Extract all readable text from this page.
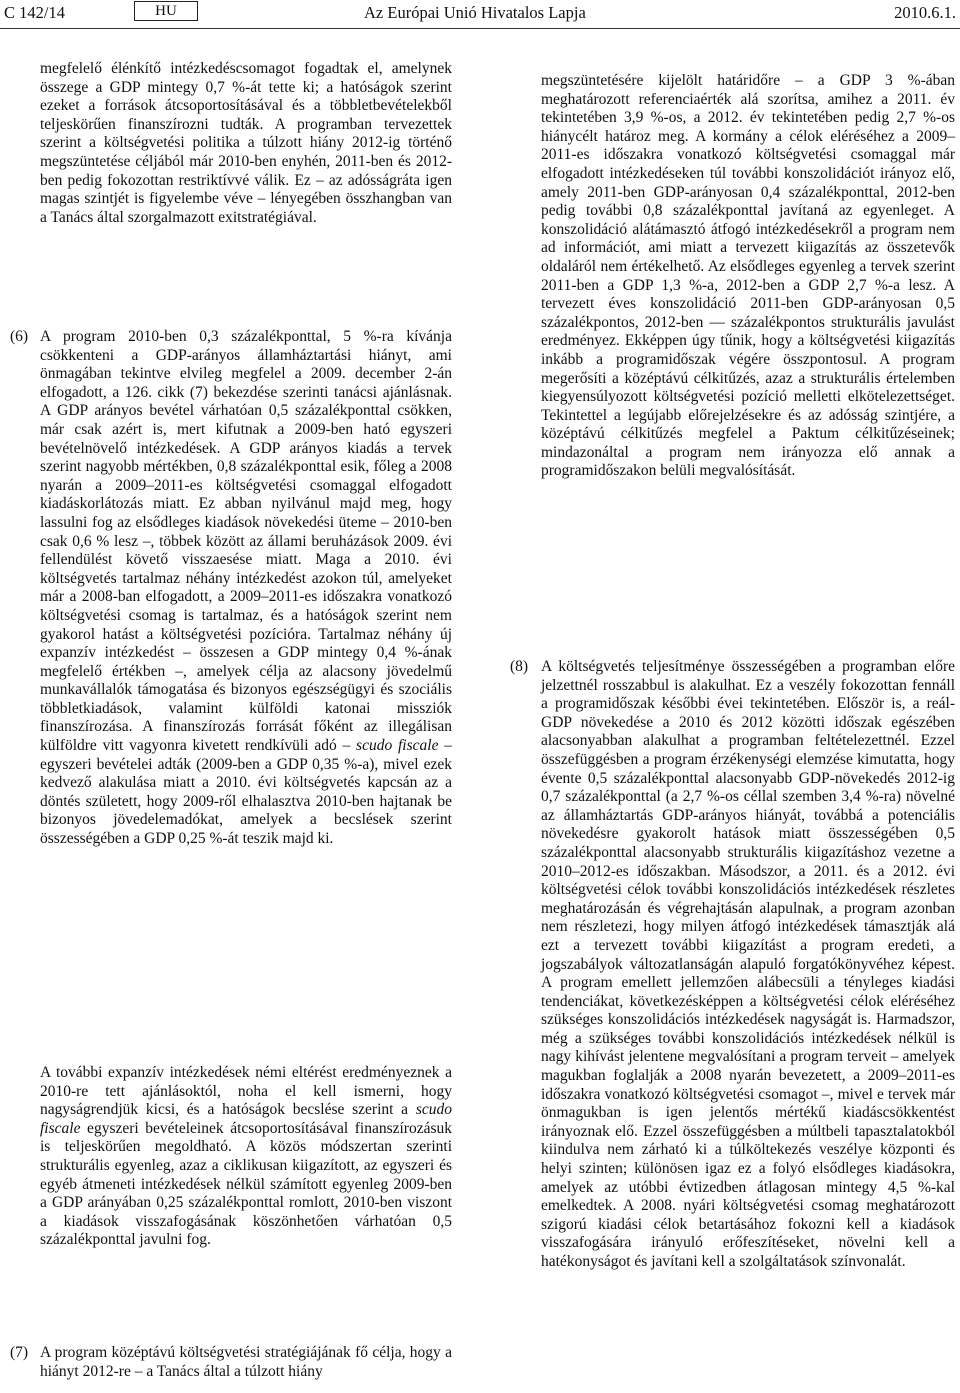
C 142/14	HU	Az Európai Unió Hivatalos Lapja	2010.6.1.

megfelelő élénkítő intézkedéscsomagot fogadtak el, amelynek összege a GDP mintegy 0,7 %-át tette ki; a hatóságok szerint ezeket a források átcsoportosításával és a többletbevételekből teljeskörűen finanszírozni tudták. A programban tervezettek szerint a költségvetési politika a túlzott hiány 2012-ig történő megszüntetése céljából már 2010-ben enyhén, 2011-ben és 2012-ben pedig fokozottan restriktívvé válik. Ez – az adósságráta igen magas szintjét is figyelembe véve – lényegében összhangban van a Tanács által szorgalmazott exitstratégiával.

(6) A program 2010-ben 0,3 százalékponttal, 5 %-ra kívánja csökkenteni a GDP-arányos államháztartási hiányt, ami önmagában tekintve elvileg megfelel a 2009. december 2-án elfogadott, a 126. cikk (7) bekezdése szerinti tanácsi ajánlásnak. A GDP arányos bevétel várhatóan 0,5 százalékponttal csökken, már csak azért is, mert kifutnak a 2009-ben ható egyszeri bevételnövelő intézkedések. A GDP arányos kiadás a tervek szerint nagyobb mértékben, 0,8 százalékponttal esik, főleg a 2008 nyarán a 2009–2011-es költségvetési csomaggal elfogadott kiadáskorlátozás miatt. Ez abban nyilvánul majd meg, hogy lassulni fog az elsődleges kiadások növekedési üteme – 2010-ben csak 0,6 % lesz –, többek között az állami beruházások 2009. évi fellendülést követő visszaesése miatt. Maga a 2010. évi költségvetés tartalmaz néhány intézkedést azokon túl, amelyeket már a 2008-ban elfogadott, a 2009–2011-es időszakra vonatkozó költségvetési csomag is tartalmaz, és a hatóságok szerint nem gyakorol hatást a költségvetési pozícióra. Tartalmaz néhány új expanzív intézkedést – összesen a GDP mintegy 0,4 %-ának megfelelő értékben –, amelyek célja az alacsony jövedelmű munkavállalók támogatása és bizonyos egészségügyi és szociális többletkiadások, valamint külföldi katonai missziók finanszírozása. A finanszírozás forrását főként az illegálisan külföldre vitt vagyonra kivetett rendkívüli adó – scudo fiscale – egyszeri bevételei adták (2009-ben a GDP 0,35 %-a), mivel ezek kedvező alakulása miatt a 2010. évi költségvetés kapcsán az a döntés született, hogy 2009-ről elhalasztva 2010-ben hajtanak be bizonyos jövedelemadókat, amelyek a becslések szerint összességében a GDP 0,25 %-át teszik majd ki.

A további expanzív intézkedések némi eltérést eredményeznek a 2010-re tett ajánlásoktól, noha el kell ismerni, hogy nagyságrendjük kicsi, és a hatóságok becslése szerint a scudo fiscale egyszeri bevételeinek átcsoportosításával finanszírozásuk is teljeskörűen megoldható. A közös módszertan szerinti strukturális egyenleg, azaz a ciklikusan kiigazított, az egyszeri és egyéb átmeneti intézkedések nélkül számított egyenleg 2009-ben a GDP arányában 0,25 százalékponttal romlott, 2010-ben viszont a kiadások visszafogásának köszönhetően várhatóan 0,5 százalékponttal javulni fog.

(7) A program középtávú költségvetési stratégiájának fő célja, hogy a hiányt 2012-re – a Tanács által a túlzott hiány

megszüntetésére kijelölt határidőre – a GDP 3 %-ában meghatározott referenciaérték alá szorítsa, amihez a 2011. év tekintetében 3,9 %-os, a 2012. év tekintetében pedig 2,7 %-os hiánycélt határoz meg. A kormány a célok eléréséhez a 2009–2011-es időszakra vonatkozó költségvetési csomaggal már elfogadott intézkedéseken túl további konszolidációt irányoz elő, amely 2011-ben GDP-arányosan 0,4 százalékponttal, 2012-ben pedig további 0,8 százalékponttal javítaná az egyenleget. A konszolidáció alátámasztó átfogó intézkedésekről a program nem ad információt, ami miatt a tervezett kiigazítás az összetevők oldaláról nem értékelhető. Az elsődleges egyenleg a tervek szerint 2011-ben a GDP 1,3 %-a, 2012-ben a GDP 2,7 %-a lesz. A tervezett éves konszolidáció 2011-ben GDP-arányosan 0,5 százalékpontos, 2012-ben — százalékpontos strukturális javulást eredményez. Ekképpen úgy tűnik, hogy a költségvetési kiigazítás inkább a programidőszak végére összpontosul. A program megerősíti a középtávú célkitűzés, azaz a strukturális értelemben kiegyensúlyozott költségvetési pozíció melletti elkötelezettséget. Tekintettel a legújabb előrejelzésekre és az adósság szintjére, a középtávú célkitűzés megfelel a Paktum célkitűzéseinek; mindazonáltal a program nem irányozza elő annak a programidőszakon belüli megvalósítását.

(8) A költségvetés teljesítménye összességében a programban előre jelzettnél rosszabbul is alakulhat. Ez a veszély fokozottan fennáll a programidőszak későbbi évei tekintetében. Először is, a reál-GDP növekedése a 2010 és 2012 közötti időszak egészében alacsonyabban alakulhat a programban feltételezettnél. Ezzel összefüggésben a program érzékenységi elemzése kimutatta, hogy évente 0,5 százalékponttal alacsonyabb GDP-növekedés 2012-ig 0,7 százalékponttal (a 2,7 %-os céllal szemben 3,4 %-ra) növelné az államháztartás GDP-arányos hiányát, továbbá a potenciális növekedésre gyakorolt hatások miatt összességében 0,5 százalékponttal alacsonyabb strukturális kiigazításhoz vezetne a 2010–2012-es időszakban. Másodszor, a 2011. és a 2012. évi költségvetési célok további konszolidációs intézkedések részletes meghatározásán és végrehajtásán alapulnak, a program azonban nem részletezi, hogy milyen átfogó intézkedések támasztják alá ezt a tervezett további kiigazítást a program eredeti, a jogszabályok változatlanságán alapuló forgatókönyvéhez képest. A program emellett jellemzően alábecsüli a tényleges kiadási tendenciákat, következésképpen a költségvetési célok eléréséhez szükséges konszolidációs intézkedések nagyságát is. Harmadszor, még a szükséges további konszolidációs intézkedések nélkül is nagy kihívást jelentene megvalósítani a program terveit – amelyek magukban foglalják a 2008 nyarán bevezetett, a 2009–2011-es időszakra vonatkozó költségvetési csomagot –, mivel e tervek már önmagukban is igen jelentős mértékű kiadáscsökkentést irányoznak elő. Ezzel összefüggésben a múltbeli tapasztalatokból kiindulva nem zárható ki a túlköltekezés veszélye központi és helyi szinten; különösen igaz ez a folyó elsődleges kiadásokra, amelyek az utóbbi évtizedben átlagosan mintegy 4,5 %-kal emelkedtek. A 2008. nyári költségvetési csomag meghatározott szigorú kiadási célok betartásához fokozni kell a kiadások visszafogására irányuló erőfeszítéseket, növelni kell a hatékonyságot és javítani kell a szolgáltatások színvonalát.
